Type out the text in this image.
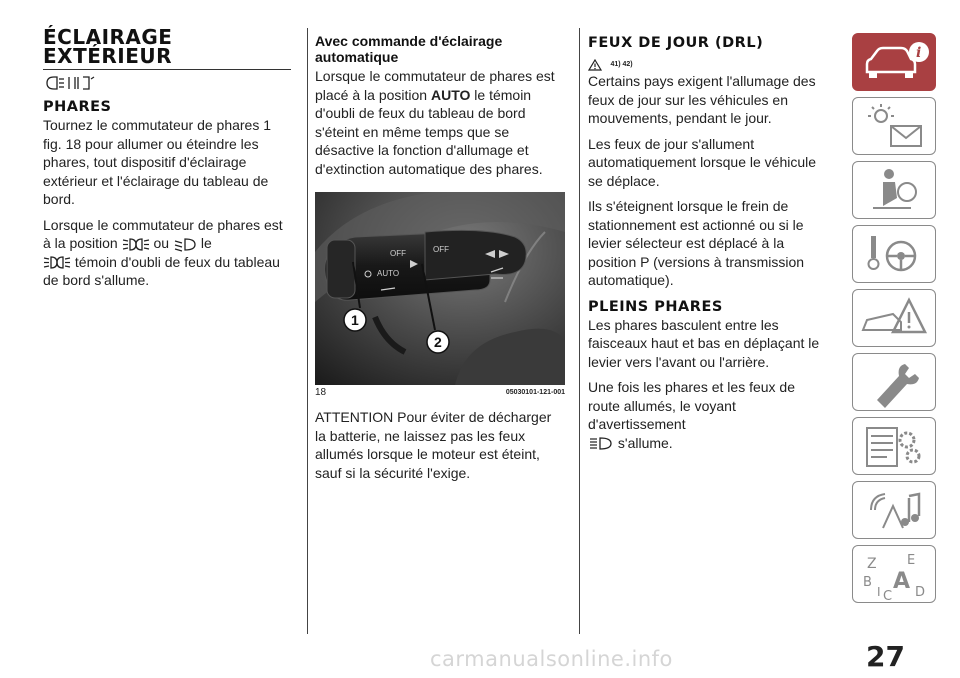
ÉCLAIRAGE
EXTÉRIEUR
PHARES

Tournez le commutateur de phares 1 fig. 18 pour allumer ou éteindre les phares, tout dispositif d'éclairage extérieur et l'éclairage du tableau de bord.

Lorsque le commutateur de phares est à la position	ou le
témoin d'oubli de feux du tableau de bord s'allume.

Avec commande d'éclairage automatique

Lorsque le commutateur de phares est placé à la position AUTO le témoin d'oubli de feux du tableau de bord s'éteint en même temps que se désactive la fonction d'allumage et d'extinction automatique des phares.

OFF
AUTO
OFF
1
2
18	05030101-121-001

ATTENTION Pour éviter de décharger la batterie, ne laissez pas les feux allumés lorsque le moteur est éteint, sauf si la sécurité l'exige.

FEUX DE JOUR (DRL)
41) 42)

Certains pays exigent l'allumage des feux de jour sur les véhicules en mouvements, pendant le jour.

Les feux de jour s'allument automatiquement lorsque le véhicule se déplace.

Ils s'éteignent lorsque le frein de stationnement est actionné ou si le levier sélecteur est déplacé à la position P (versions à transmission automatique).

PLEINS PHARES

Les phares basculent entre les faisceaux haut et bas en déplaçant le levier vers l'avant ou l'arrière.

Une fois les phares et les feux de route allumés, le voyant d'avertissement
s'allume.

i
Z E
B A
I C D
27
carmanualsonline.info
